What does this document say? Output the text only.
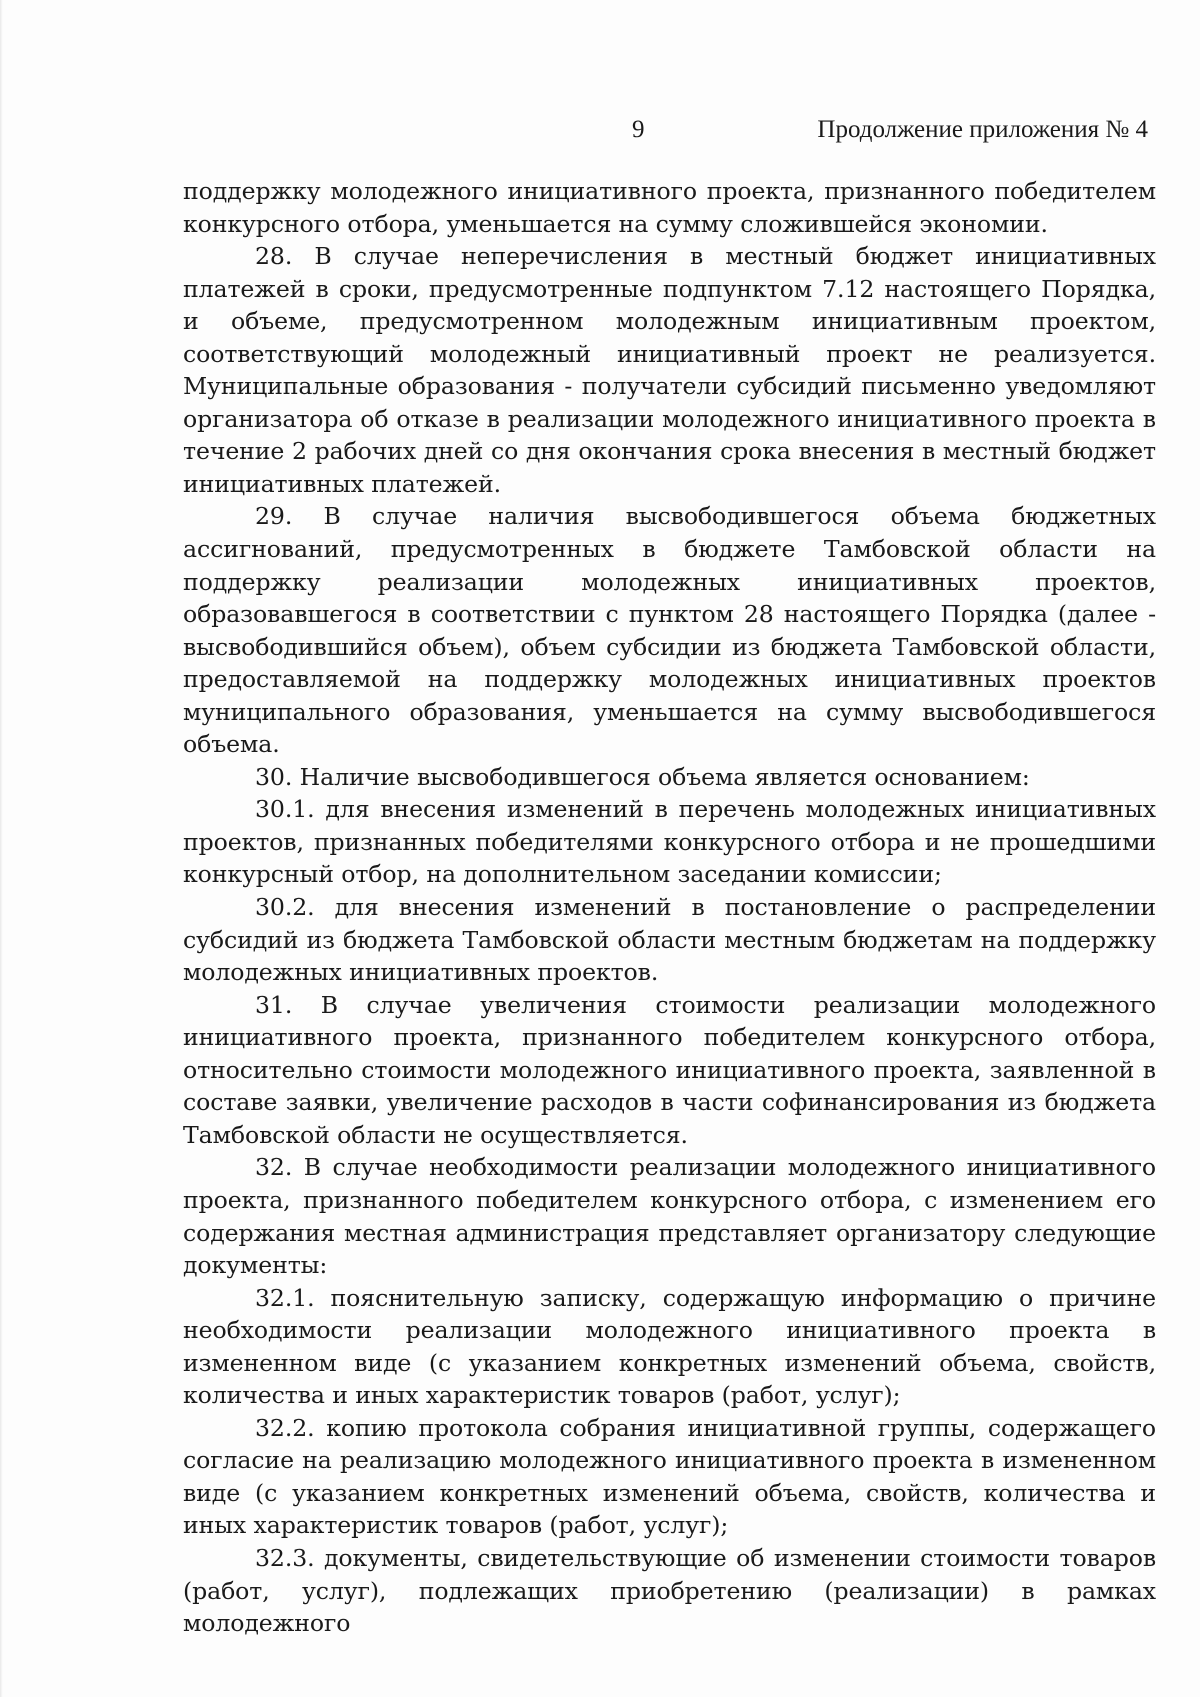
9	Продолжение приложения № 4

поддержку молодежного инициативного проекта, признанного победителем конкурсного отбора, уменьшается на сумму сложившейся экономии.

28. В случае неперечисления в местный бюджет инициативных платежей в сроки, предусмотренные подпунктом 7.12 настоящего Порядка, и объеме, предусмотренном молодежным инициативным проектом, соответствующий молодежный инициативный проект не реализуется. Муниципальные образования - получатели субсидий письменно уведомляют организатора об отказе в реализации молодежного инициативного проекта в течение 2 рабочих дней со дня окончания срока внесения в местный бюджет инициативных платежей.

29. В случае наличия высвободившегося объема бюджетных ассигнований, предусмотренных в бюджете Тамбовской области на поддержку реализации молодежных инициативных проектов, образовавшегося в соответствии с пунктом 28 настоящего Порядка (далее - высвободившийся объем), объем субсидии из бюджета Тамбовской области, предоставляемой на поддержку молодежных инициативных проектов муниципального образования, уменьшается на сумму высвободившегося объема.

30. Наличие высвободившегося объема является основанием:

30.1. для внесения изменений в перечень молодежных инициативных проектов, признанных победителями конкурсного отбора и не прошедшими конкурсный отбор, на дополнительном заседании комиссии;

30.2. для внесения изменений в постановление о распределении субсидий из бюджета Тамбовской области местным бюджетам на поддержку молодежных инициативных проектов.

31. В случае увеличения стоимости реализации молодежного инициативного проекта, признанного победителем конкурсного отбора, относительно стоимости молодежного инициативного проекта, заявленной в составе заявки, увеличение расходов в части софинансирования из бюджета Тамбовской области не осуществляется.

32. В случае необходимости реализации молодежного инициативного проекта, признанного победителем конкурсного отбора, с изменением его содержания местная администрация представляет организатору следующие документы:

32.1. пояснительную записку, содержащую информацию о причине необходимости реализации молодежного инициативного проекта в измененном виде (с указанием конкретных изменений объема, свойств, количества и иных характеристик товаров (работ, услуг);

32.2. копию протокола собрания инициативной группы, содержащего согласие на реализацию молодежного инициативного проекта в измененном виде (с указанием конкретных изменений объема, свойств, количества и иных характеристик товаров (работ, услуг);

32.3. документы, свидетельствующие об изменении стоимости товаров (работ, услуг), подлежащих приобретению (реализации) в рамках молодежного
